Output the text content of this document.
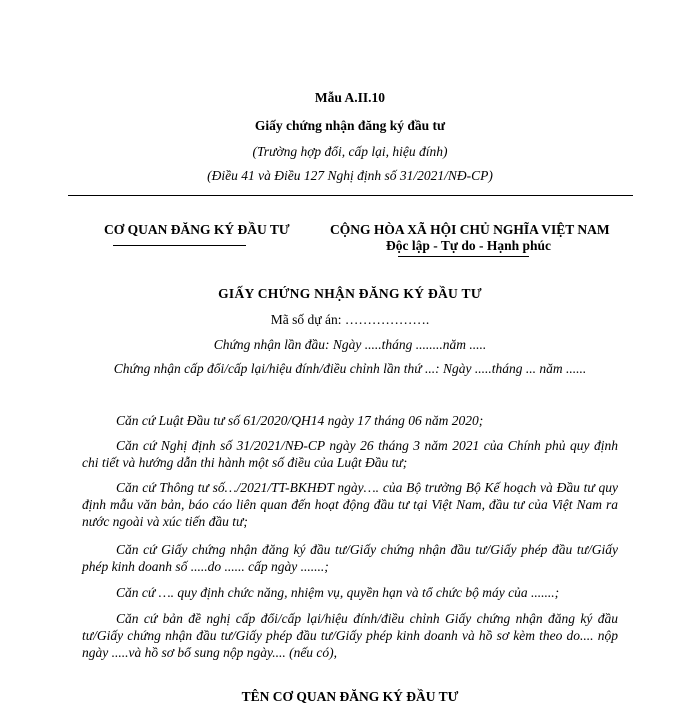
Mẫu A.II.10
Giấy chứng nhận đăng ký đầu tư
(Trường hợp đổi, cấp lại, hiệu đính)
(Điều 41 và Điều 127 Nghị định số 31/2021/NĐ-CP)
CƠ QUAN ĐĂNG KÝ ĐẦU TƯ	CỘNG HÒA XÃ HỘI CHỦ NGHĨA VIỆT NAM
Độc lập - Tự do - Hạnh phúc
GIẤY CHỨNG NHẬN ĐĂNG KÝ ĐẦU TƯ
Mã số dự án: ……………….
Chứng nhận lần đầu: Ngày .....tháng ........năm .....
Chứng nhận cấp đổi/cấp lại/hiệu đính/điều chỉnh lần thứ ...: Ngày .....tháng ... năm ......
Căn cứ Luật Đầu tư số 61/2020/QH14 ngày 17 tháng 06 năm 2020;
Căn cứ Nghị định số 31/2021/NĐ-CP ngày 26 tháng 3 năm 2021 của Chính phủ quy định chi tiết và hướng dẫn thi hành một số điều của Luật Đầu tư;
Căn cứ Thông tư số…/2021/TT-BKHĐT ngày…. của Bộ trưởng Bộ Kế hoạch và Đầu tư quy định mẫu văn bản, báo cáo liên quan đến hoạt động đầu tư tại Việt Nam, đầu tư của Việt Nam ra nước ngoài và xúc tiến đầu tư;
Căn cứ Giấy chứng nhận đăng ký đầu tư/Giấy chứng nhận đầu tư/Giấy phép đầu tư/Giấy phép kinh doanh số .....do ...... cấp ngày .......;
Căn cứ …. quy định chức năng, nhiệm vụ, quyền hạn và tổ chức bộ máy của .......;
Căn cứ bản đề nghị cấp đổi/cấp lại/hiệu đính/điều chỉnh Giấy chứng nhận đăng ký đầu tư/Giấy chứng nhận đầu tư/Giấy phép đầu tư/Giấy phép kinh doanh và hồ sơ kèm theo do.... nộp ngày .....và hồ sơ bổ sung nộp ngày.... (nếu có),
TÊN CƠ QUAN ĐĂNG KÝ ĐẦU TƯ
